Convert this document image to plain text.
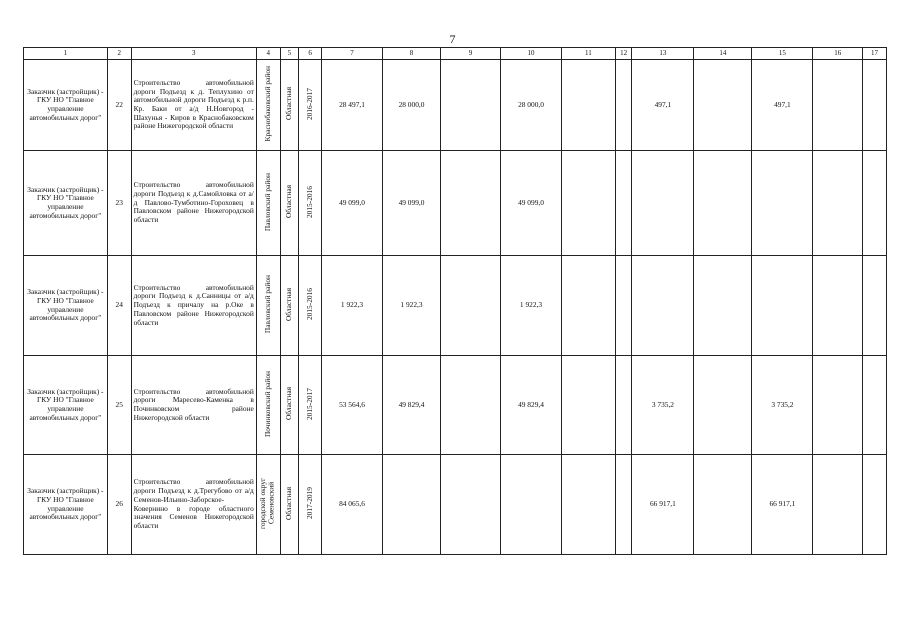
7
1	2	3	4	5	6	7	8	9	10	11	12	13	14	15	16	17
Заказчик (застройщик) - ГКУ НО "Главное управление автомобильных дорог"	22	Строительство автомобильной дороги Подъезд к д. Теплухино от автомобильной дороги Подъезд к р.п. Кр. Баки от а/д Н.Новгород - Шахунья - Киров в Краснобаковском районе Нижегородской области	Краснобаковский район	Областная	2016-2017	28 497,1	28 000,0		28 000,0			497,1		497,1		
Заказчик (застройщик) - ГКУ НО "Главное управление автомобильных дорог"	23	Строительство автомобильной дороги Подъезд к д.Самойловка от а/д Павлово-Тумботино-Гороховец в Павловском районе Нижегородской области	Павловский район	Областная	2015-2016	49 099,0	49 099,0		49 099,0							
Заказчик (застройщик) - ГКУ НО "Главное управление автомобильных дорог"	24	Строительство автомобильной дороги Подъезд к д.Санницы от а/д Подъезд к причалу на р.Оке в Павловском районе Нижегородской области	Павловский район	Областная	2015-2016	1 922,3	1 922,3		1 922,3							
Заказчик (застройщик) - ГКУ НО "Главное управление автомобильных дорог"	25	Строительство автомобильной дороги Маресево-Каменка в Починковском районе Нижегородской области	Починковский район	Областная	2015-2017	53 564,6	49 829,4		49 829,4			3 735,2		3 735,2		
Заказчик (застройщик) - ГКУ НО "Главное управление автомобильных дорог"	26	Строительство автомобильной дороги Подъезд к д.Трегубово от а/д Семенов-Ильино-Заборское-Ковернино в городе областного значения Семенов Нижегородской области	городской округ Семеновский	Областная	2017-2019	84 065,6						66 917,1		66 917,1		
